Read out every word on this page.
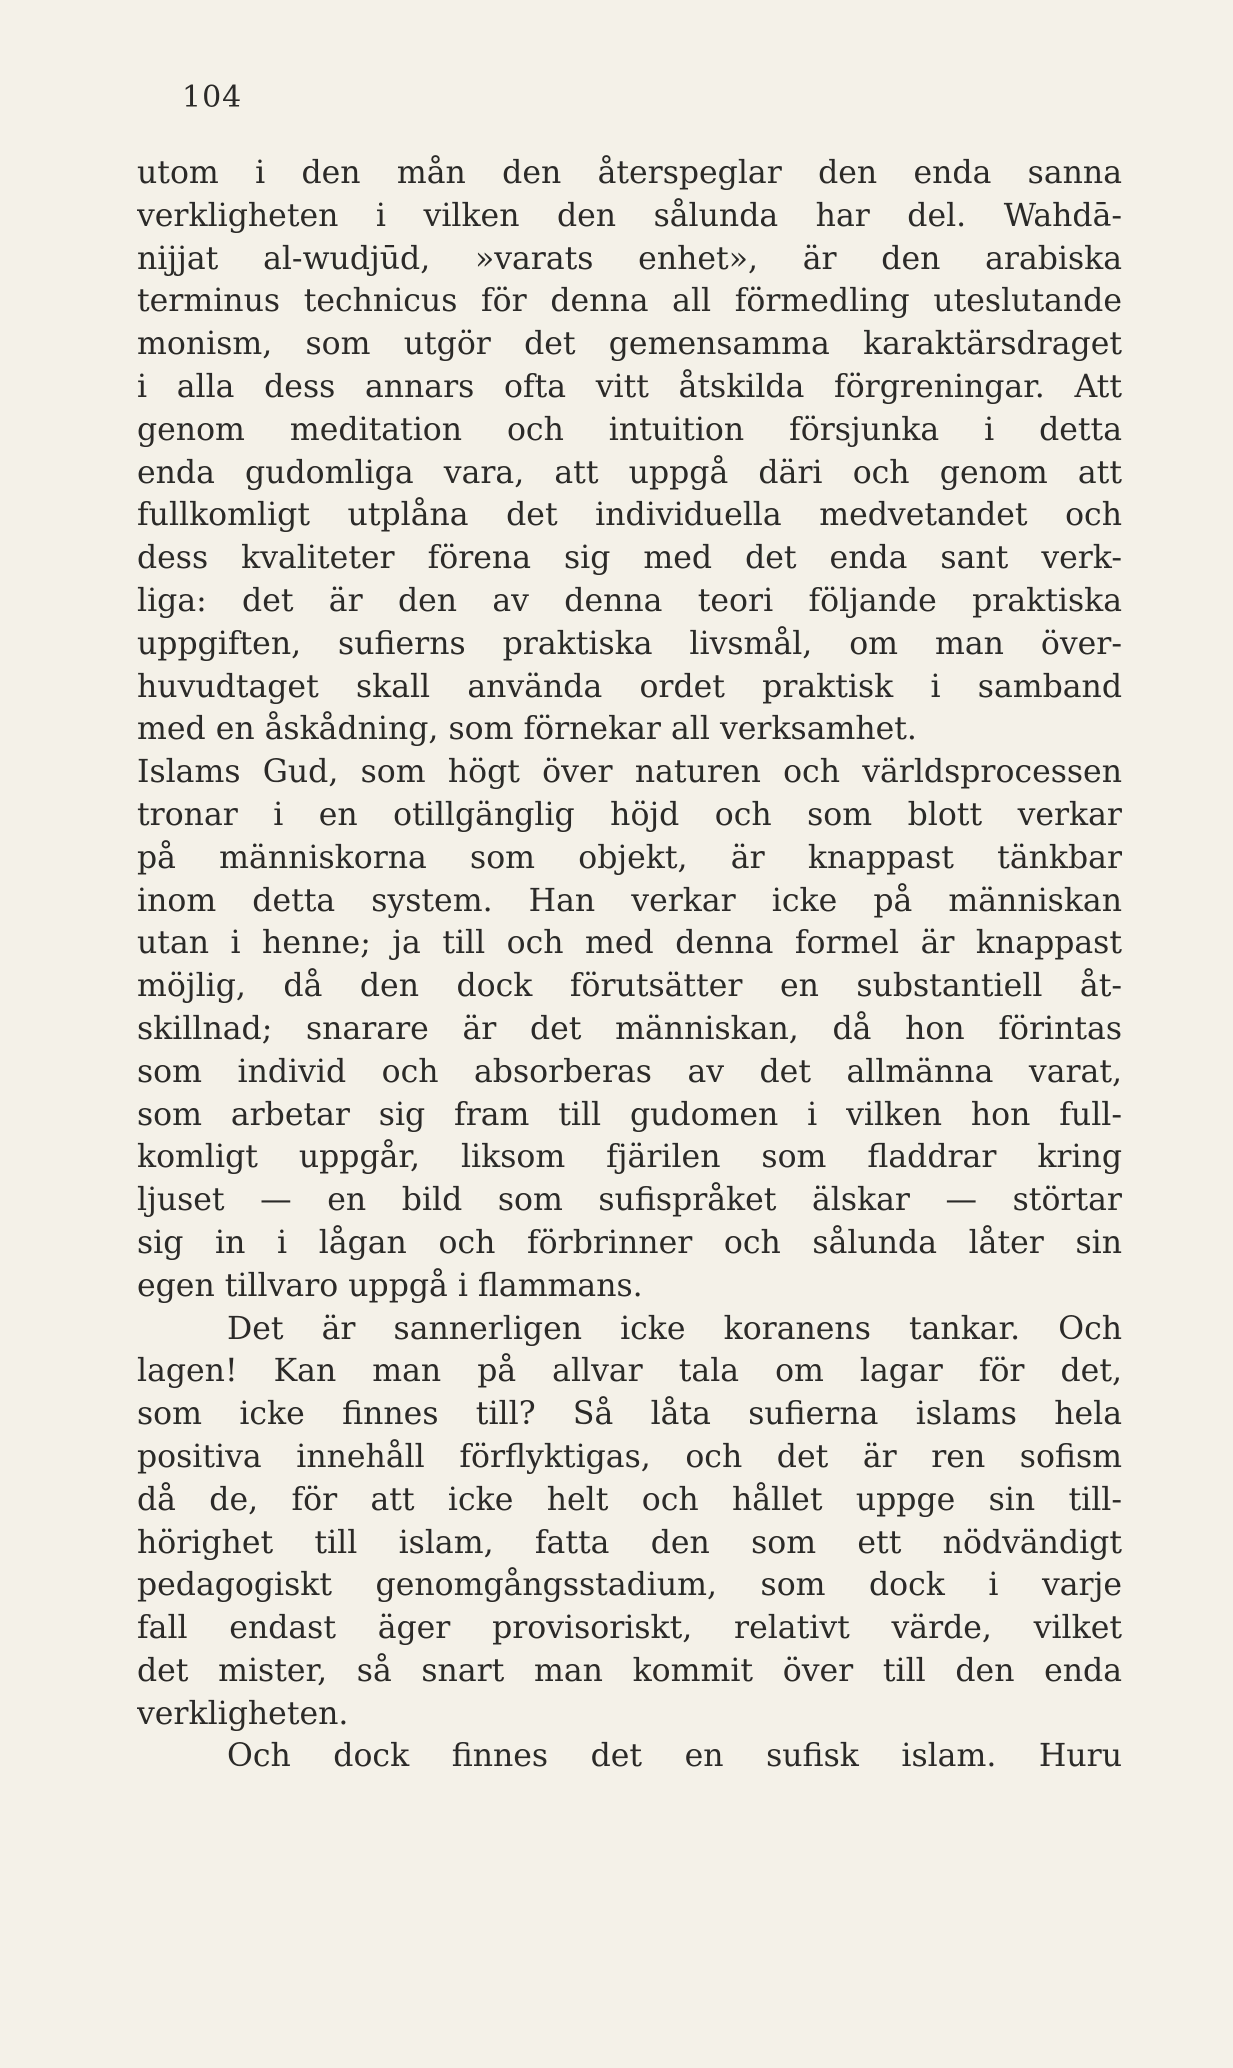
104
utom i den mån den återspeglar den enda sanna
verkligheten i vilken den sålunda har del. Wahdā-
nijjat al-wudjūd, »varats enhet», är den arabiska
terminus technicus för denna all förmedling uteslutande
monism, som utgör det gemensamma karaktärsdraget
i alla dess annars ofta vitt åtskilda förgreningar. Att
genom meditation och intuition försjunka i detta
enda gudomliga vara, att uppgå däri och genom att
fullkomligt utplåna det individuella medvetandet och
dess kvaliteter förena sig med det enda sant verk-
liga: det är den av denna teori följande praktiska
uppgiften, sufierns praktiska livsmål, om man över-
huvudtaget skall använda ordet praktisk i samband
med en åskådning, som förnekar all verksamhet.
Islams Gud, som högt över naturen och världsprocessen
tronar i en otillgänglig höjd och som blott verkar
på människorna som objekt, är knappast tänkbar
inom detta system. Han verkar icke på människan
utan i henne; ja till och med denna formel är knappast
möjlig, då den dock förutsätter en substantiell åt-
skillnad; snarare är det människan, då hon förintas
som individ och absorberas av det allmänna varat,
som arbetar sig fram till gudomen i vilken hon full-
komligt uppgår, liksom fjärilen som fladdrar kring
ljuset — en bild som sufispråket älskar — störtar
sig in i lågan och förbrinner och sålunda låter sin
egen tillvaro uppgå i flammans.
Det är sannerligen icke koranens tankar. Och
lagen! Kan man på allvar tala om lagar för det,
som icke finnes till? Så låta sufierna islams hela
positiva innehåll förflyktigas, och det är ren sofism
då de, för att icke helt och hållet uppge sin till-
hörighet till islam, fatta den som ett nödvändigt
pedagogiskt genomgångsstadium, som dock i varje
fall endast äger provisoriskt, relativt värde, vilket
det mister, så snart man kommit över till den enda
verkligheten.
Och dock finnes det en sufisk islam. Huru
